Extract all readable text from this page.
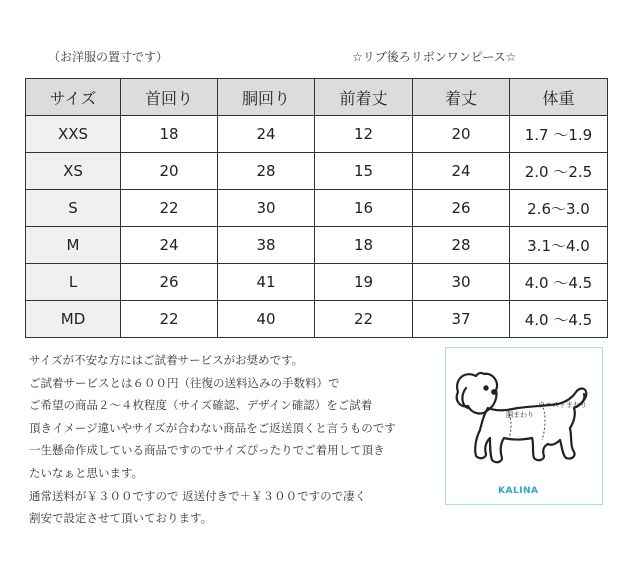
（お洋服の置寸です）	☆リブ後ろリボンワンピース☆
サイズ	首回り	胴回り	前着丈	着丈	体重
XXS	18	24	12	20	1.7 〜1.9
XS	20	28	15	24	2.0 〜2.5
S	22	30	16	26	2.6〜3.0
M	24	38	18	28	3.1〜4.0
L	26	41	19	30	4.0 〜4.5
MD	22	40	22	37	4.0 〜4.5
サイズが不安な方にはご試着サービスがお奨めです。
ご試着サービスとは６００円（往復の送料込みの手数料）で
ご希望の商品２～４枚程度（サイズ確認、デザイン確認）をご試着
頂きイメージ違いやサイズが合わない商品をご返送頂くと言うものです
一生懸命作成している商品ですのでサイズぴったりでご着用して頂き
たいなぁと思います。
通常送料が￥３００ですので 返送付きで＋￥３００ですので凄く
割安で設定させて頂いております。
ウエストまわり
胴まわり
KALINA
